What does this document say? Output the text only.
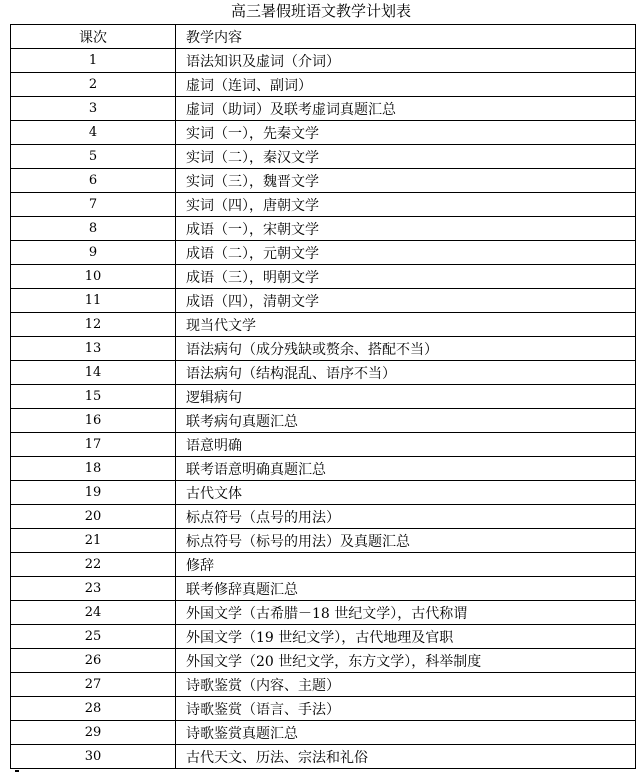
高三暑假班语文教学计划表
课次	教学内容
1	语法知识及虚词（介词）
2	虚词（连词、副词）
3	虚词（助词）及联考虚词真题汇总
4	实词（一），先秦文学
5	实词（二），秦汉文学
6	实词（三），魏晋文学
7	实词（四），唐朝文学
8	成语（一），宋朝文学
9	成语（二），元朝文学
10	成语（三），明朝文学
11	成语（四），清朝文学
12	现当代文学
13	语法病句（成分残缺或赘余、搭配不当）
14	语法病句（结构混乱、语序不当）
15	逻辑病句
16	联考病句真题汇总
17	语意明确
18	联考语意明确真题汇总
19	古代文体
20	标点符号（点号的用法）
21	标点符号（标号的用法）及真题汇总
22	修辞
23	联考修辞真题汇总
24	外国文学（古希腊－18 世纪文学），古代称谓
25	外国文学（19 世纪文学），古代地理及官职
26	外国文学（20 世纪文学，东方文学），科举制度
27	诗歌鉴赏（内容、主题）
28	诗歌鉴赏（语言、手法）
29	诗歌鉴赏真题汇总
30	古代天文、历法、宗法和礼俗
